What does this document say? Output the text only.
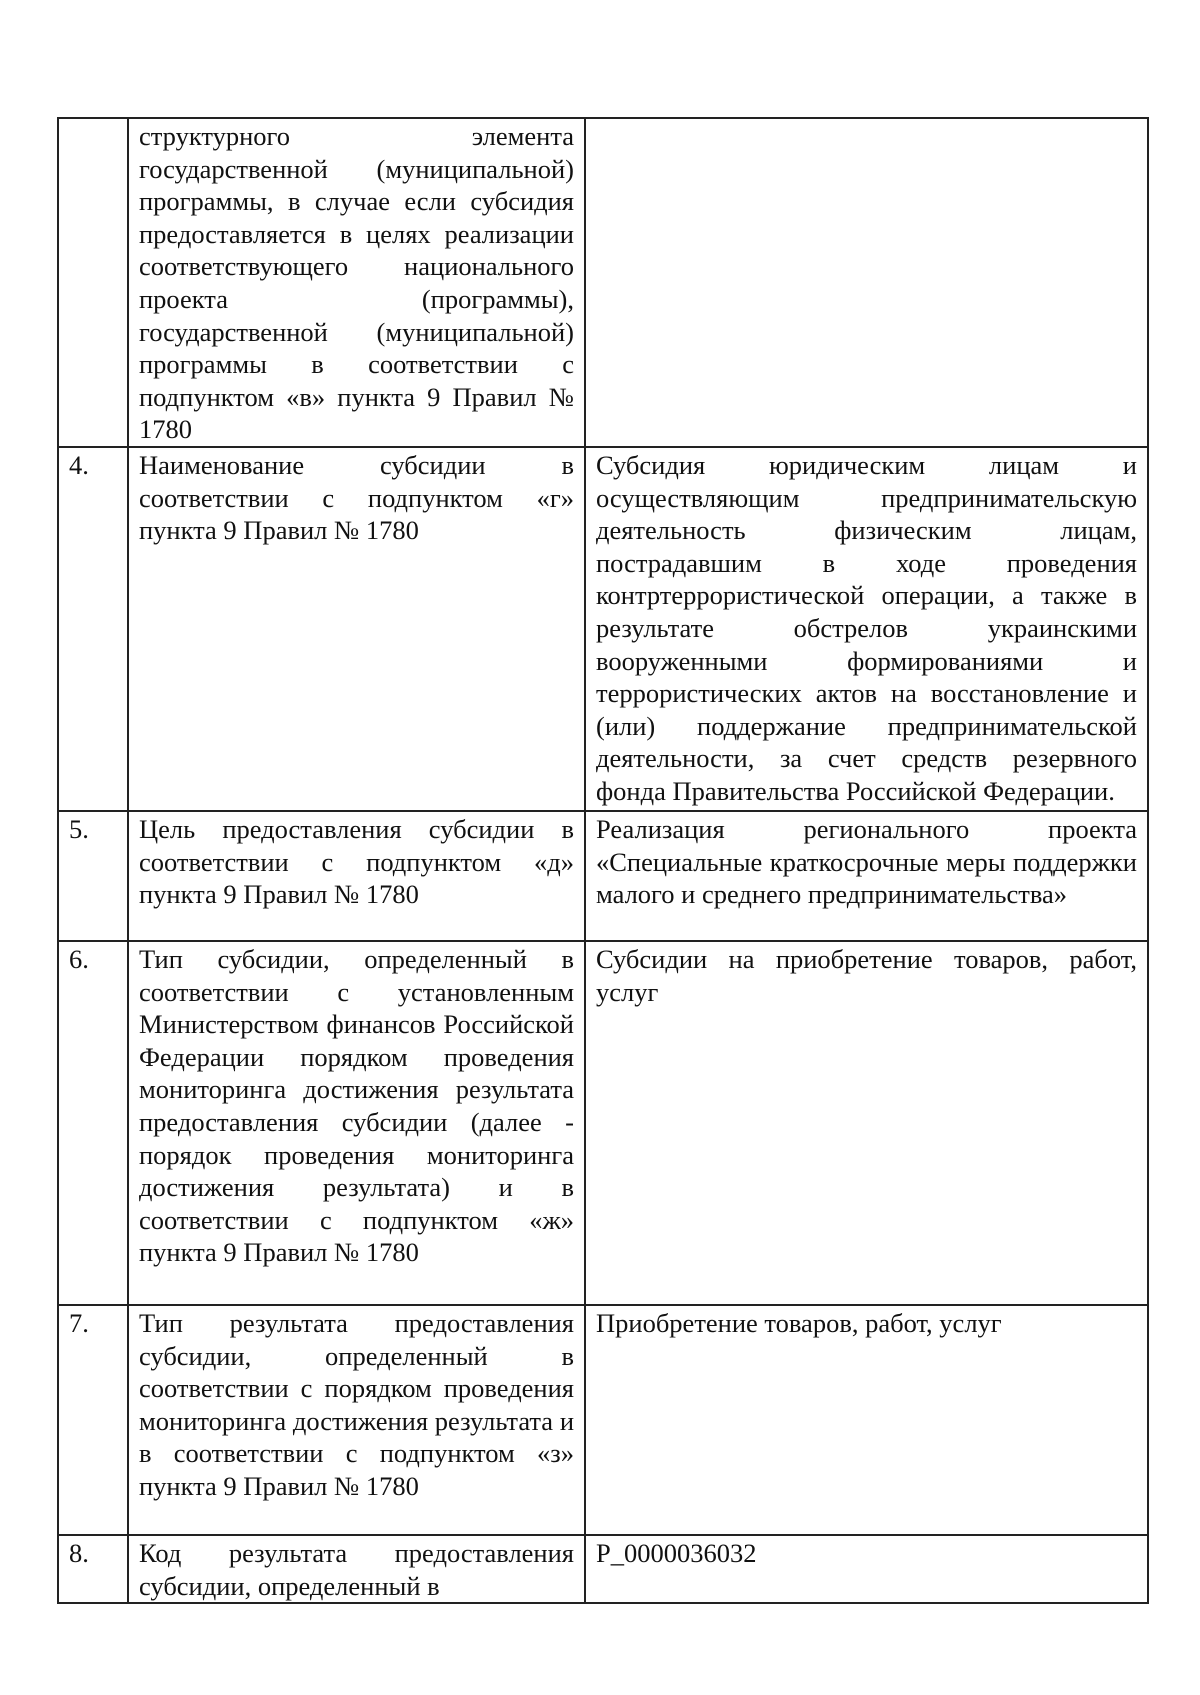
	структурного элемента государственной (муниципальной) программы, в случае если субсидия предоставляется в целях реализации соответствующего национального проекта (программы), государственной (муниципальной) программы в соответствии с подпунктом «в» пункта 9 Правил № 1780	
4.	Наименование субсидии в соответствии с подпунктом «г» пункта 9 Правил № 1780	Субсидия юридическим лицам и осуществляющим предпринимательскую деятельность физическим лицам, пострадавшим в ходе проведения контртеррористической операции, а также в результате обстрелов украинскими вооруженными формированиями и террористических актов на восстановление и (или) поддержание предпринимательской деятельности, за счет средств резервного фонда Правительства Российской Федерации.
5.	Цель предоставления субсидии в соответствии с подпунктом «д» пункта 9 Правил № 1780	Реализация регионального проекта «Специальные краткосрочные меры поддержки малого и среднего предпринимательства»
6.	Тип субсидии, определенный в соответствии с установленным Министерством финансов Российской Федерации порядком проведения мониторинга достижения результата предоставления субсидии (далее - порядок проведения мониторинга достижения результата) и в соответствии с подпунктом «ж» пункта 9 Правил № 1780	Субсидии на приобретение товаров, работ, услуг
7.	Тип результата предоставления субсидии, определенный в соответствии с порядком проведения мониторинга достижения результата и в соответствии с подпунктом «з» пункта 9 Правил № 1780	Приобретение товаров, работ, услуг
8.	Код результата предоставления субсидии, определенный в	P_0000036032
